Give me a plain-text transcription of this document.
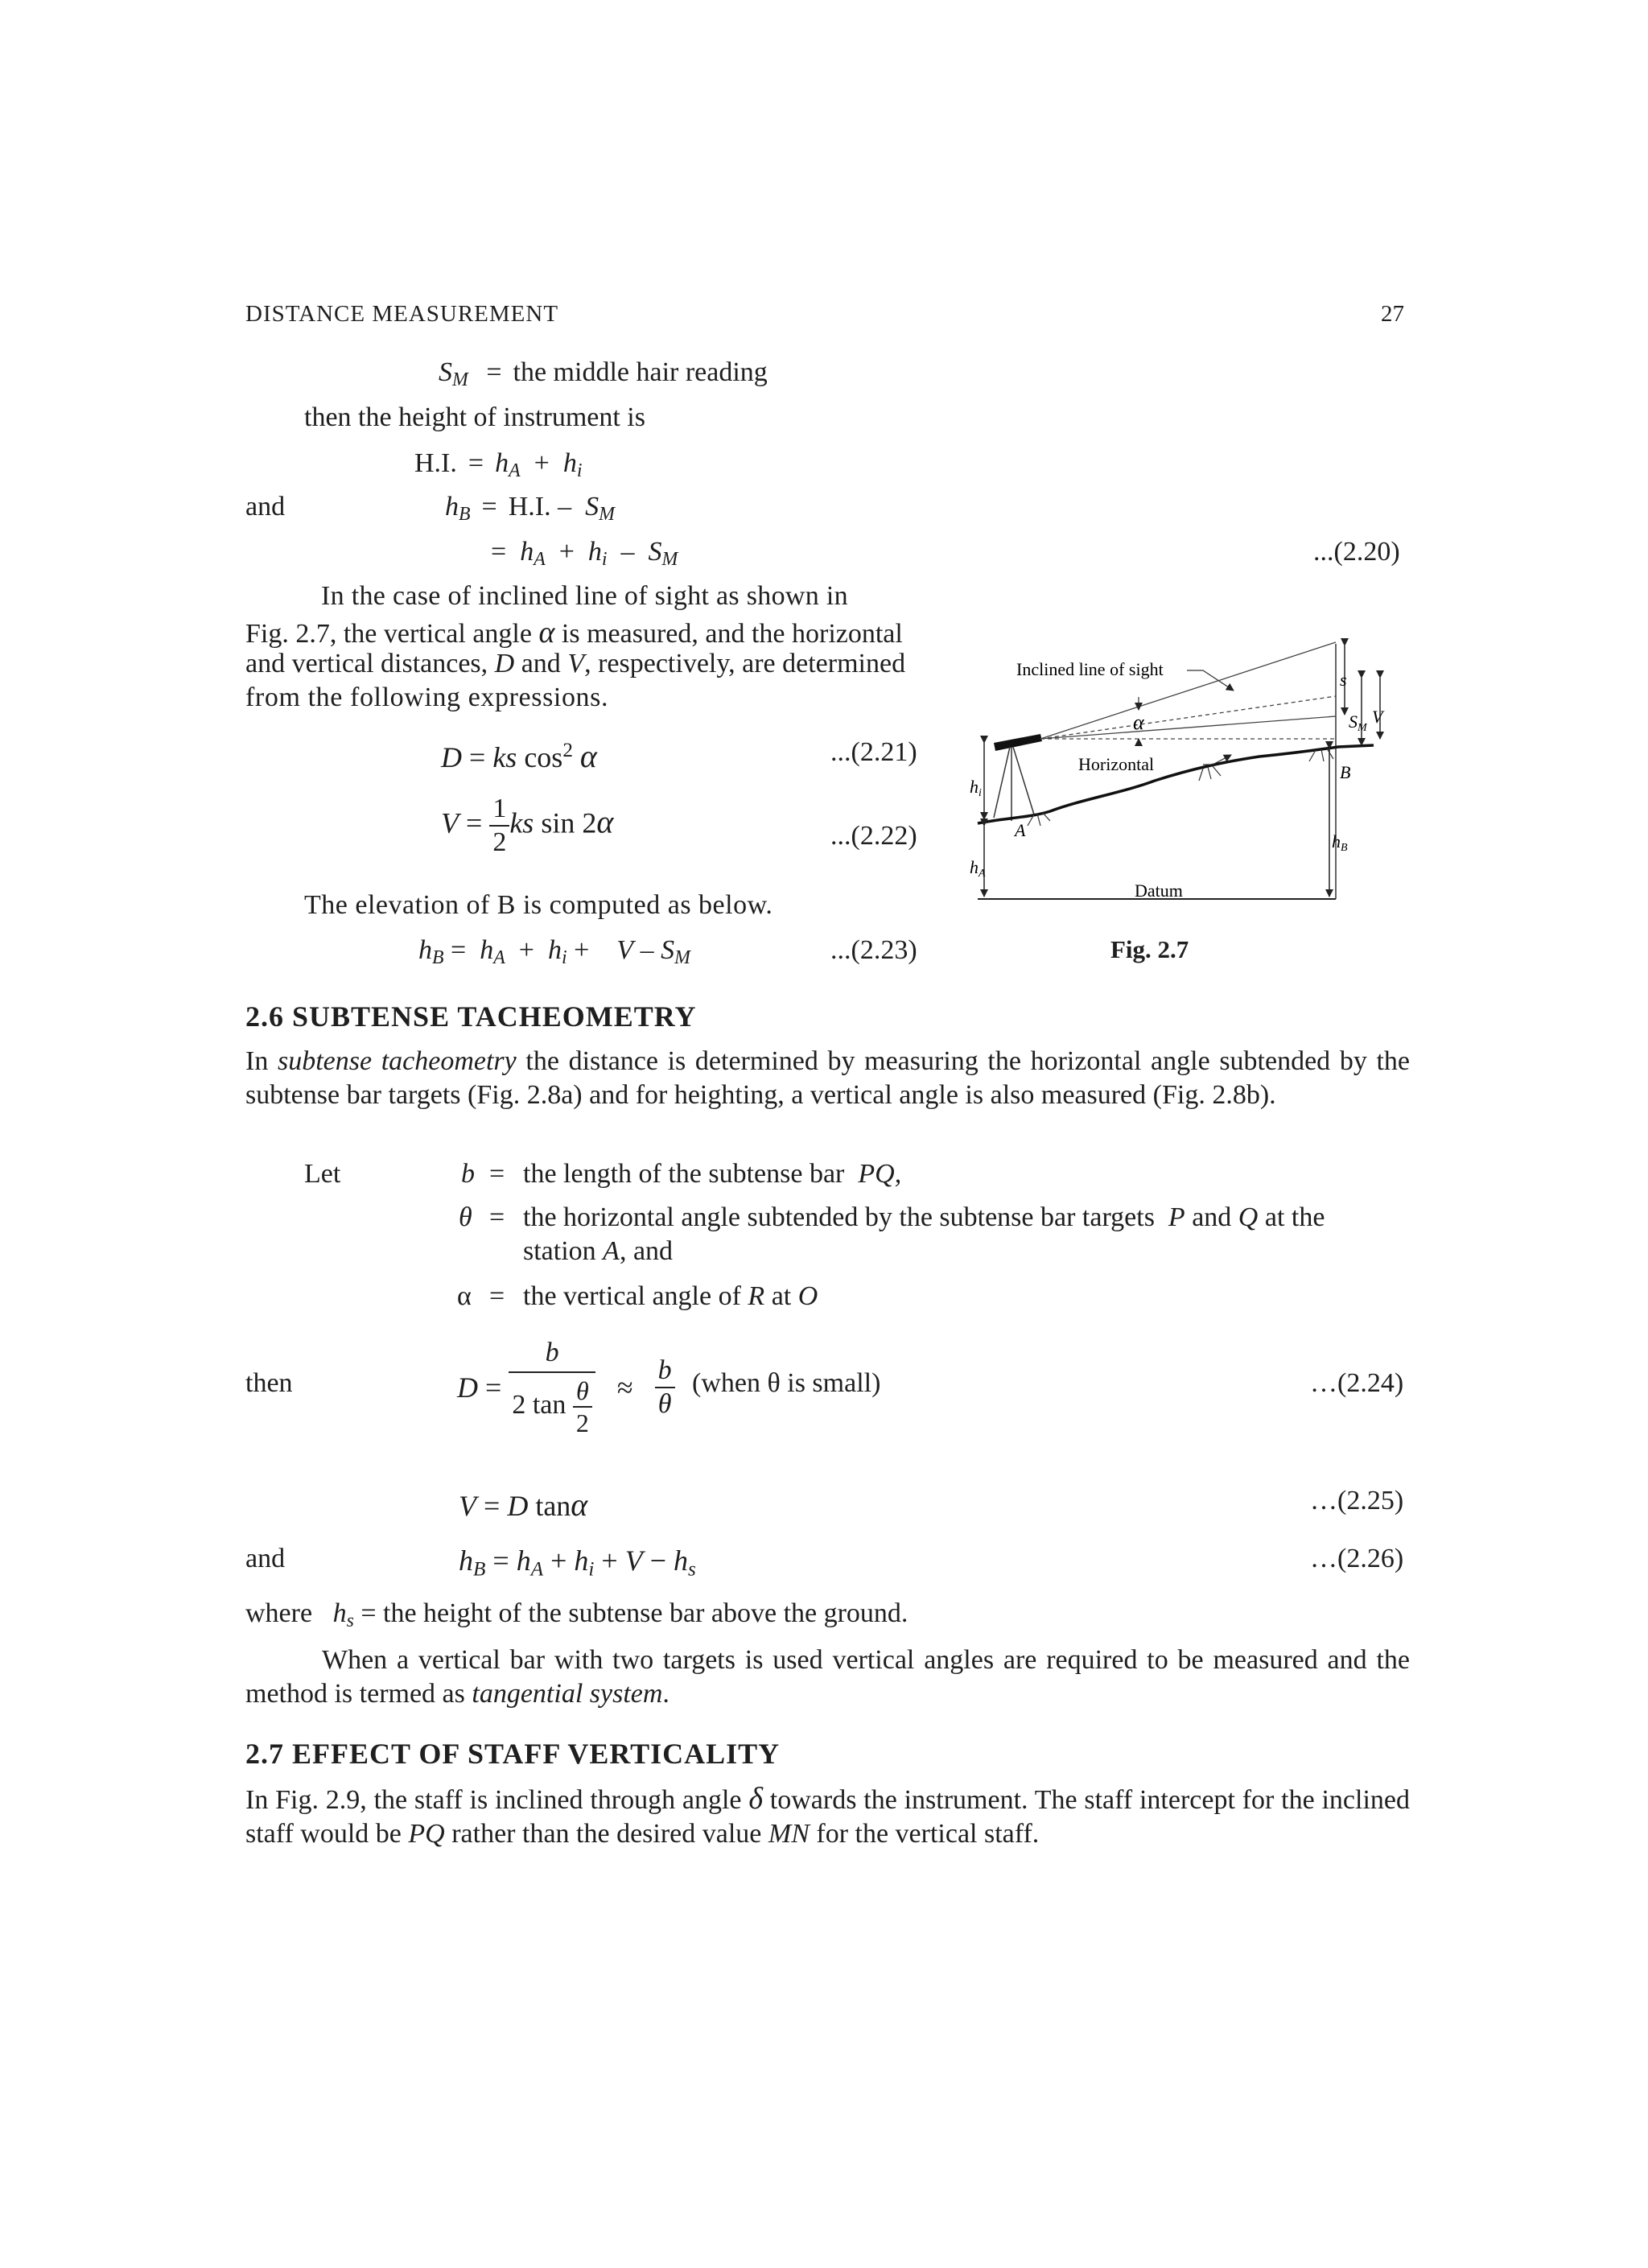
DISTANCE MEASUREMENT	27
$S_M$ = the middle hair reading
then the height of instrument is
H.I. = $h_A + h_i$
and	$h_B = H.I$. –  $S_M$
=  $h_A + h_i - S_M$	...(2.20)
In the case of inclined line of sight as shown in
Fig. 2.7, the vertical angle α is measured, and the horizontal
and vertical distances, D and V, respectively, are determined
from the following expressions.
D = ks $\cos^2 \alpha$	...(2.21)
$V = \frac{1}{2}$ ks sin 2α	...(2.22)
The elevation of B is computed as below.
$h_B = h_A + h_i$ +    V – $S_M$	...(2.23)
Inclined line of sight
Horizontal
Datum
α
A
B
s
V
hi
hA
hB
SM
Fig. 2.7
2.6 SUBTENSE TACHEOMETRY
In subtense tacheometry the distance is determined by measuring the horizontal angle subtended by the subtense bar targets (Fig. 2.8a) and for heighting, a vertical angle is also measured (Fig. 2.8b).
Let	b = the length of the subtense bar PQ,
θ = the horizontal angle subtended by the subtense bar targets P and Q at the
station A, and
α = the vertical angle of R at O
then	$D = \frac{b}{2 \tan \frac{\theta}{2}} \approx \frac{b}{\theta}$ (when θ is small)	…(2.24)
V = D tanα	…(2.25)
and	$h_B = h_A + h_i + V - h_s$	…(2.26)
where $h_s$ = the height of the subtense bar above the ground.
When a vertical bar with two targets is used vertical angles are required to be measured and the method is termed as tangential system.
2.7 EFFECT OF STAFF VERTICALITY
In Fig. 2.9, the staff is inclined through angle δ towards the instrument. The staff intercept for the inclined staff would be PQ rather than the desired value MN for the vertical staff.
